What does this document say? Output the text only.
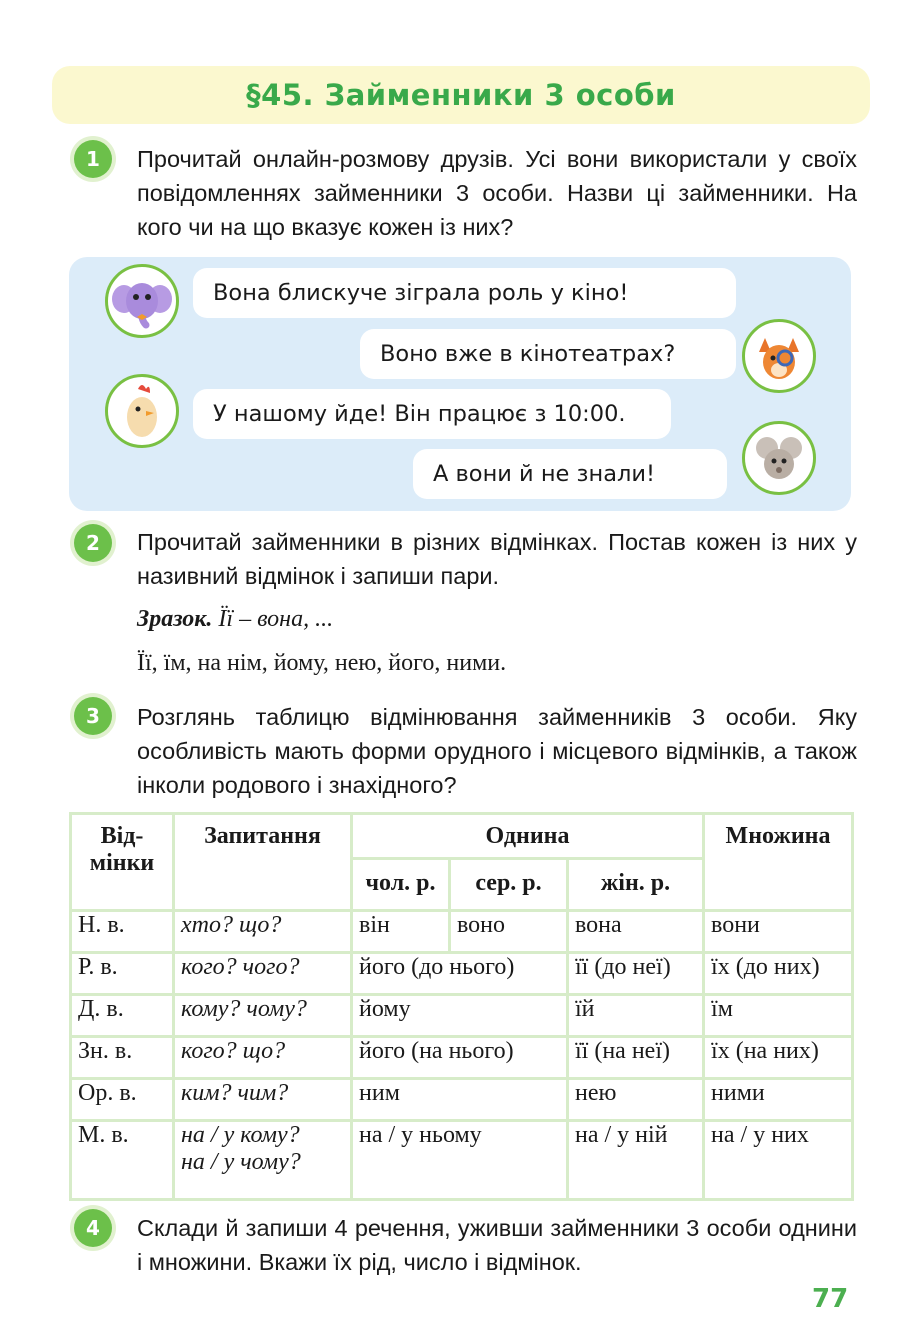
§45. Займенники 3 особи
1 Прочитай онлайн-розмову друзів. Усі вони використали у своїх повідомленнях займенники 3 особи. Назви ці займенники. На кого чи на що вказує кожен із них?
Вона блискуче зіграла роль у кіно!
Воно вже в кінотеатрах?
У нашому йде! Він працює з 10:00.
А вони й не знали!
2 Прочитай займенники в різних відмінках. Постав кожен із них у називний відмінок і запиши пари.
Зразок. Її – вона, ...
Її, їм, на нім, йому, нею, його, ними.
3 Розглянь таблицю відмінювання займенників 3 особи. Яку особливість мають форми орудного і місцевого відмінків, а також інколи родового і знахідного?
Від-
мінки	Запитання	Однина			Множина
		чол. р.	сер. р.	жін. р.	
Н. в.	хто? що?	він	воно	вона	вони
Р. в.	кого? чого?	його (до нього)		її (до неї)	їх (до них)
Д. в.	кому? чому?	йому		їй	їм
Зн. в.	кого? що?	його (на нього)		її (на неї)	їх (на них)
Ор. в.	ким? чим?	ним		нею	ними
М. в.	на / у кому?
на / у чому?	на / у ньому		на / у ній	на / у них
4 Склади й запиши 4 речення, уживши займенники 3 особи однини і множини. Вкажи їх рід, число і відмінок.
77
